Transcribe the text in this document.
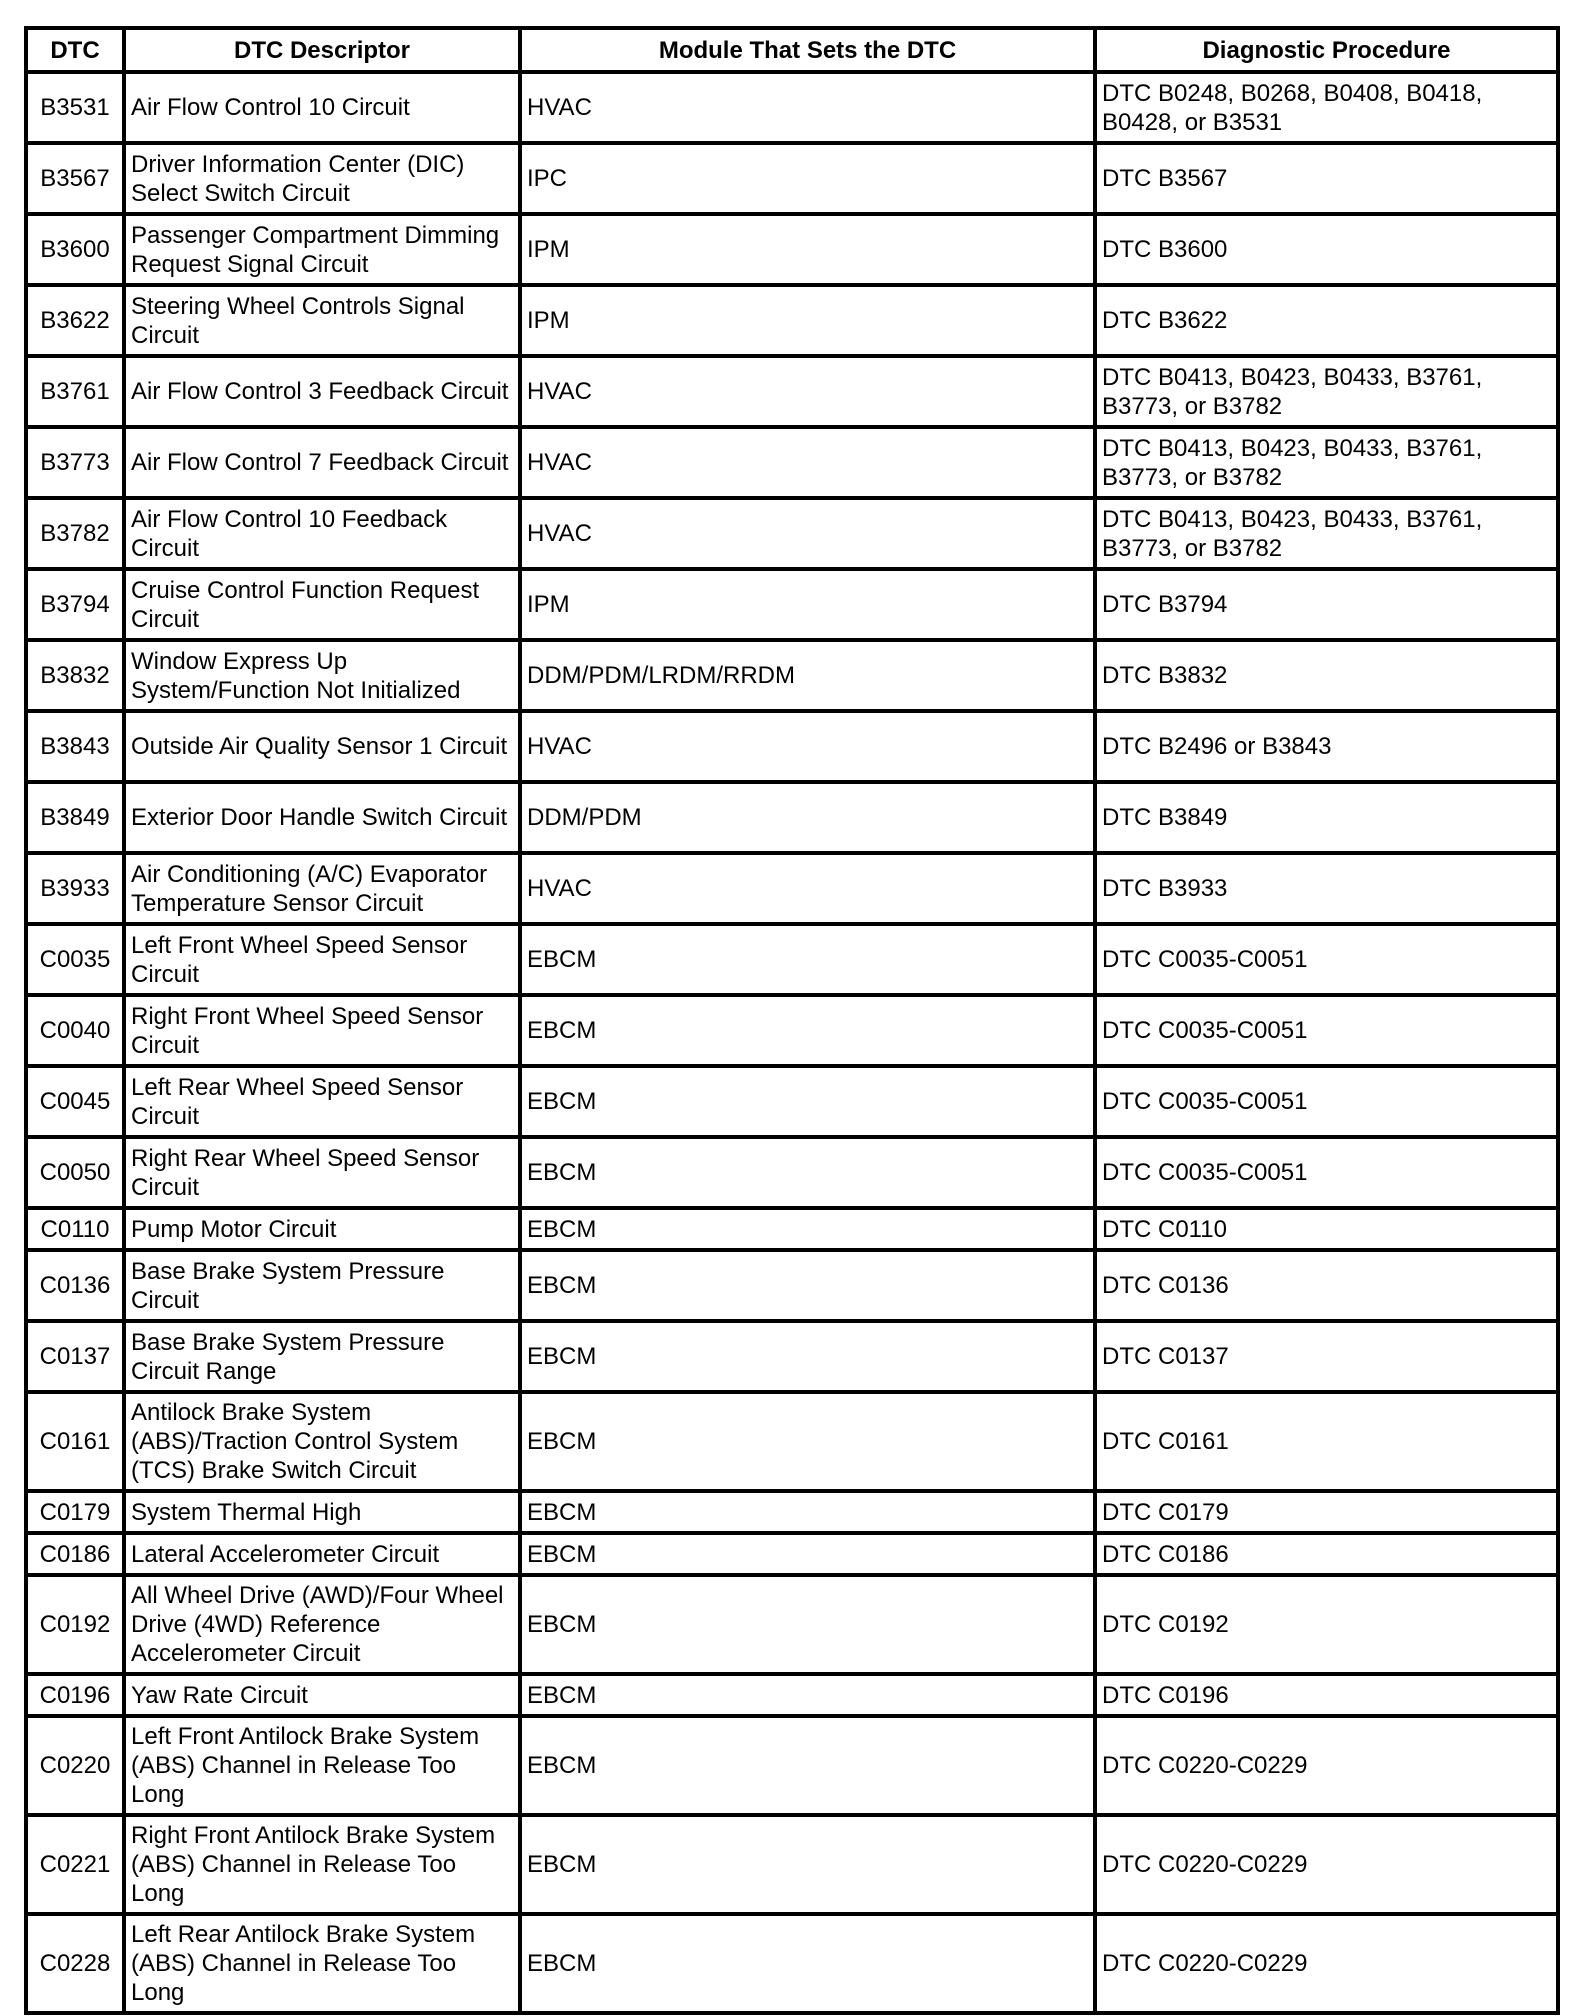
DTC	DTC Descriptor	Module That Sets the DTC	Diagnostic Procedure
B3531	Air Flow Control 10 Circuit	HVAC	DTC B0248, B0268, B0408, B0418, B0428, or B3531
B3567	Driver Information Center (DIC) Select Switch Circuit	IPC	DTC B3567
B3600	Passenger Compartment Dimming Request Signal Circuit	IPM	DTC B3600
B3622	Steering Wheel Controls Signal Circuit	IPM	DTC B3622
B3761	Air Flow Control 3 Feedback Circuit	HVAC	DTC B0413, B0423, B0433, B3761, B3773, or B3782
B3773	Air Flow Control 7 Feedback Circuit	HVAC	DTC B0413, B0423, B0433, B3761, B3773, or B3782
B3782	Air Flow Control 10 Feedback Circuit	HVAC	DTC B0413, B0423, B0433, B3761, B3773, or B3782
B3794	Cruise Control Function Request Circuit	IPM	DTC B3794
B3832	Window Express Up System/Function Not Initialized	DDM/PDM/LRDM/RRDM	DTC B3832
B3843	Outside Air Quality Sensor 1 Circuit	HVAC	DTC B2496 or B3843
B3849	Exterior Door Handle Switch Circuit	DDM/PDM	DTC B3849
B3933	Air Conditioning (A/C) Evaporator Temperature Sensor Circuit	HVAC	DTC B3933
C0035	Left Front Wheel Speed Sensor Circuit	EBCM	DTC C0035-C0051
C0040	Right Front Wheel Speed Sensor Circuit	EBCM	DTC C0035-C0051
C0045	Left Rear Wheel Speed Sensor Circuit	EBCM	DTC C0035-C0051
C0050	Right Rear Wheel Speed Sensor Circuit	EBCM	DTC C0035-C0051
C0110	Pump Motor Circuit	EBCM	DTC C0110
C0136	Base Brake System Pressure Circuit	EBCM	DTC C0136
C0137	Base Brake System Pressure Circuit Range	EBCM	DTC C0137
C0161	Antilock Brake System (ABS)/Traction Control System (TCS) Brake Switch Circuit	EBCM	DTC C0161
C0179	System Thermal High	EBCM	DTC C0179
C0186	Lateral Accelerometer Circuit	EBCM	DTC C0186
C0192	All Wheel Drive (AWD)/Four Wheel Drive (4WD) Reference Accelerometer Circuit	EBCM	DTC C0192
C0196	Yaw Rate Circuit	EBCM	DTC C0196
C0220	Left Front Antilock Brake System (ABS) Channel in Release Too Long	EBCM	DTC C0220-C0229
C0221	Right Front Antilock Brake System (ABS) Channel in Release Too Long	EBCM	DTC C0220-C0229
C0228	Left Rear Antilock Brake System (ABS) Channel in Release Too Long	EBCM	DTC C0220-C0229
